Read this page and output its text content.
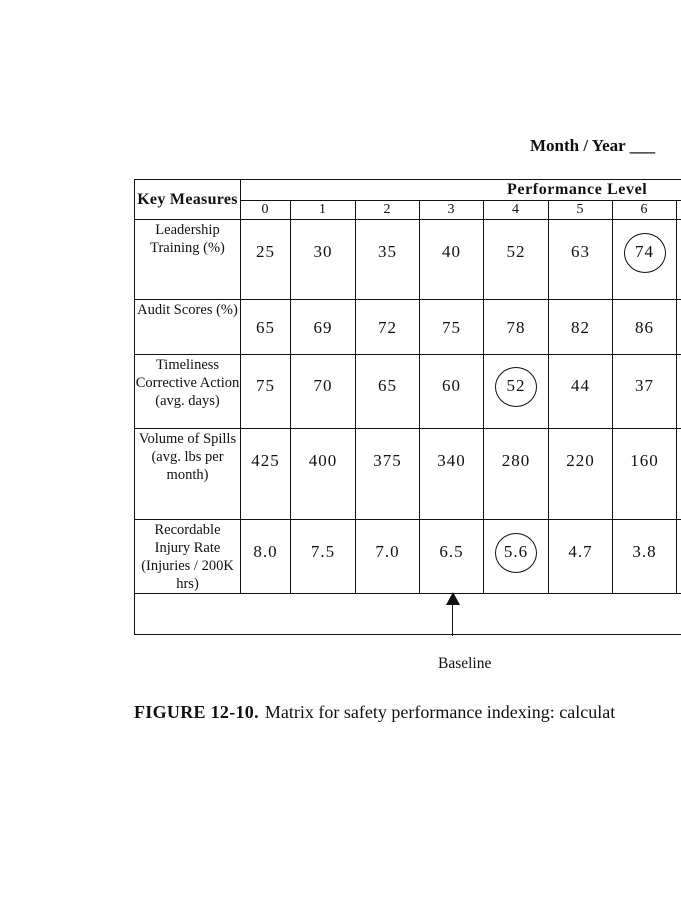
Month / Year ___
Key Measures	Performance Level							
	0	1	2	3	4	5	6	
Leadership Training (%)	25	30	35	40	52	63	74	
Audit Scores (%)	65	69	72	75	78	82	86	
Timeliness Corrective Action (avg. days)	75	70	65	60	52	44	37	
Volume of Spills (avg. lbs per month)	425	400	375	340	280	220	160	
Recordable Injury Rate (Injuries / 200K hrs)	8.0	7.5	7.0	6.5	5.6	4.7	3.8	

Baseline
FIGURE 12-10. Matrix for safety performance indexing: calculat
